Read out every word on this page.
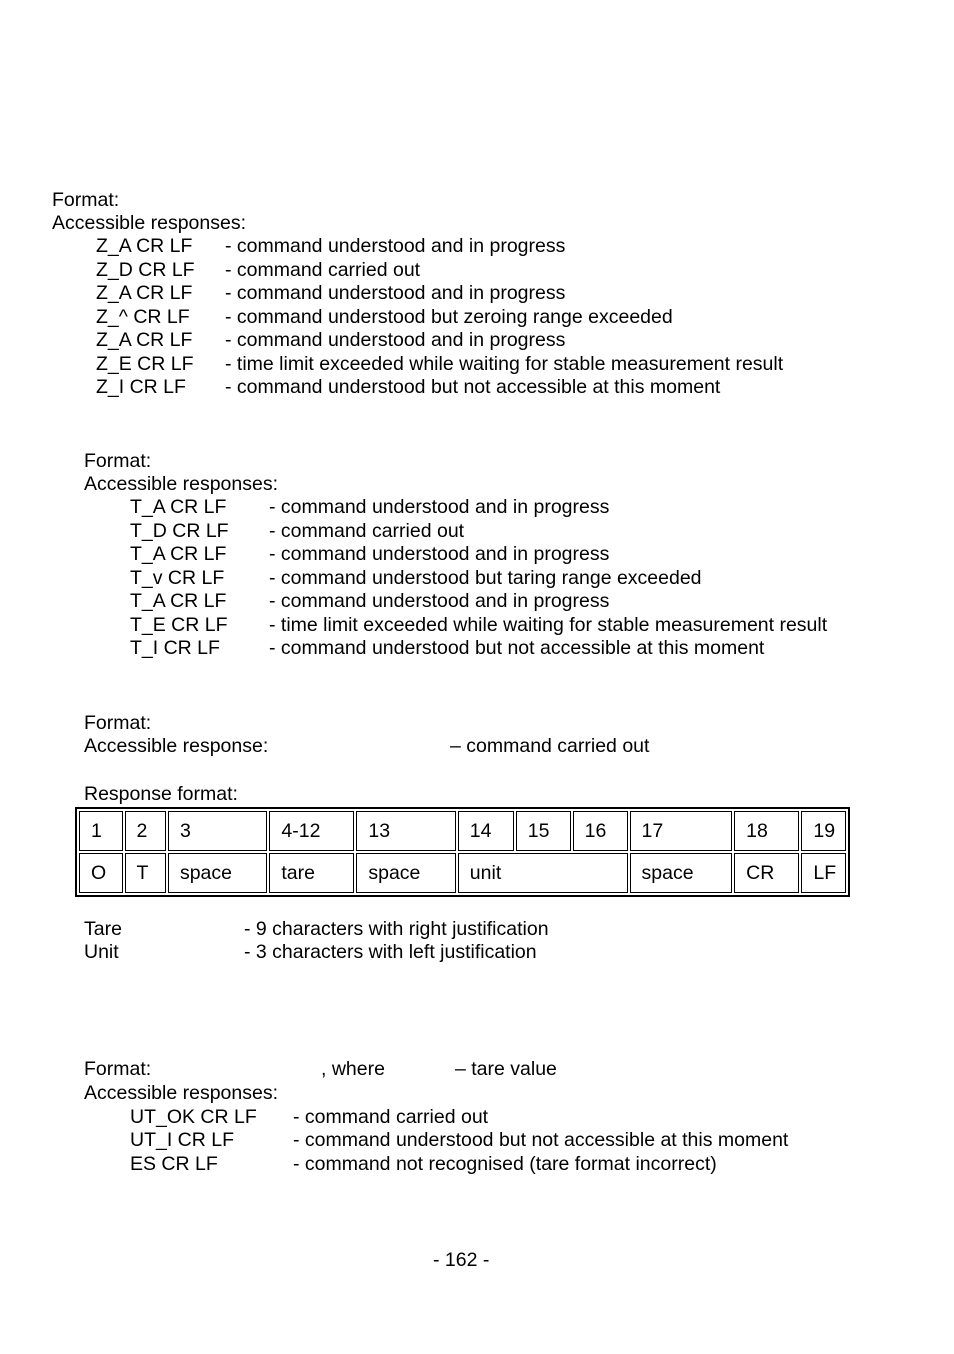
Format:
Accessible responses:
Z_A CR LF - command understood and in progress
Z_D CR LF - command carried out
Z_A CR LF - command understood and in progress
Z_^ CR LF - command understood but zeroing range exceeded
Z_A CR LF - command understood and in progress
Z_E CR LF - time limit exceeded while waiting for stable measurement result
Z_I CR LF - command understood but not accessible at this moment
Format:
Accessible responses:
T_A CR LF - command understood and in progress
T_D CR LF - command carried out
T_A CR LF - command understood and in progress
T_v CR LF - command understood but taring range exceeded
T_A CR LF - command understood and in progress
T_E CR LF - time limit exceeded while waiting for stable measurement result
T_I CR LF	- command understood but not accessible at this moment
Format:
Accessible response:	– command carried out
Response format:
1	2	3	4-12	13	14	15	16	17	18	19
O	T	space	tare	space	unit			space	CR	LF
Tare	- 9 characters with right justification
Unit	- 3 characters with left justification
Format:	, where	– tare value
Accessible responses:
UT_OK CR LF - command carried out
UT_I CR LF	- command understood but not accessible at this moment
ES CR LF	- command not recognised (tare format incorrect)
- 162 -
